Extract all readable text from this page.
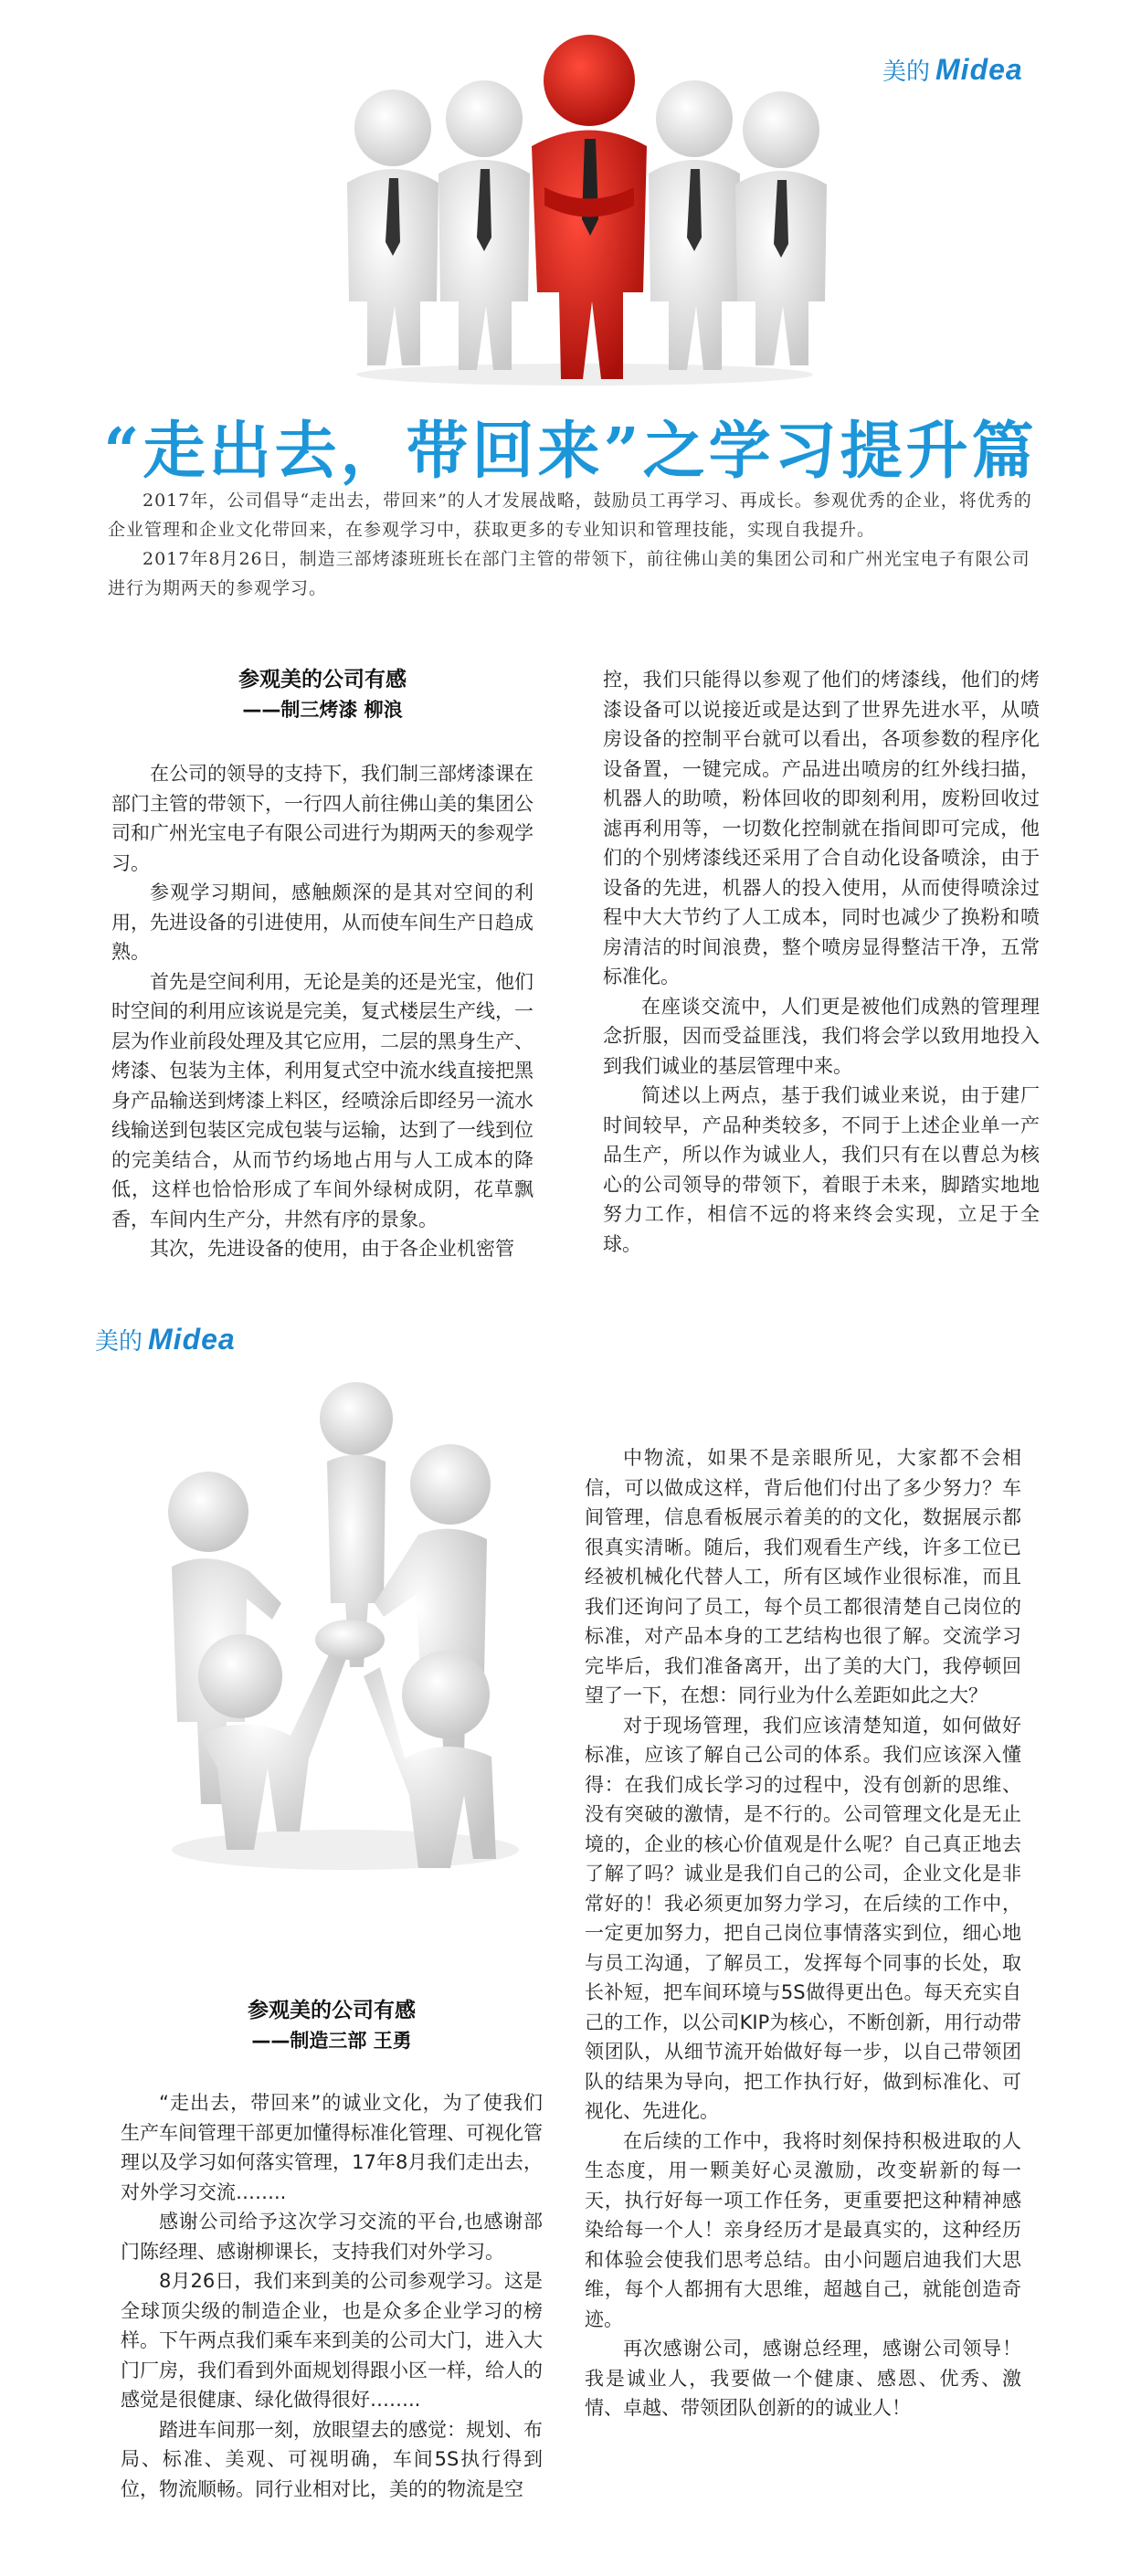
美的 Midea
“走出去，带回来”之学习提升篇

2017年，公司倡导“走出去，带回来”的人才发展战略，鼓励员工再学习、再成长。参观优秀的企业，将优秀的企业管理和企业文化带回来，在参观学习中，获取更多的专业知识和管理技能，实现自我提升。

2017年8月26日，制造三部烤漆班班长在部门主管的带领下，前往佛山美的集团公司和广州光宝电子有限公司进行为期两天的参观学习。

参观美的公司有感
——制三烤漆 柳浪

在公司的领导的支持下，我们制三部烤漆课在部门主管的带领下，一行四人前往佛山美的集团公司和广州光宝电子有限公司进行为期两天的参观学习。

参观学习期间，感触颇深的是其对空间的利用，先进设备的引进使用，从而使车间生产日趋成熟。

首先是空间利用，无论是美的还是光宝，他们时空间的利用应该说是完美，复式楼层生产线，一层为作业前段处理及其它应用，二层的黑身生产、烤漆、包装为主体，利用复式空中流水线直接把黑身产品输送到烤漆上料区，经喷涂后即经另一流水线输送到包装区完成包装与运输，达到了一线到位的完美结合，从而节约场地占用与人工成本的降低，这样也恰恰形成了车间外绿树成阴，花草飘香，车间内生产分，井然有序的景象。

其次，先进设备的使用，由于各企业机密管

控，我们只能得以参观了他们的烤漆线，他们的烤漆设备可以说接近或是达到了世界先进水平，从喷房设备的控制平台就可以看出，各项参数的程序化设备置，一键完成。产品进出喷房的红外线扫描，机器人的助喷，粉体回收的即刻利用，废粉回收过滤再利用等，一切数化控制就在指间即可完成，他们的个别烤漆线还采用了合自动化设备喷涂，由于设备的先进，机器人的投入使用，从而使得喷涂过程中大大节约了人工成本，同时也减少了换粉和喷房清洁的时间浪费，整个喷房显得整洁干净，五常标准化。

在座谈交流中，人们更是被他们成熟的管理理念折服，因而受益匪浅，我们将会学以致用地投入到我们诚业的基层管理中来。

简述以上两点，基于我们诚业来说，由于建厂时间较早，产品种类较多，不同于上述企业单一产品生产，所以作为诚业人，我们只有在以曹总为核心的公司领导的带领下，着眼于未来，脚踏实地地努力工作，相信不远的将来终会实现，立足于全球。

美的 Midea
参观美的公司有感
——制造三部 王勇

“走出去，带回来”的诚业文化，为了使我们生产车间管理干部更加懂得标准化管理、可视化管理以及学习如何落实管理，17年8月我们走出去，对外学习交流……..

感谢公司给予这次学习交流的平台,也感谢部门陈经理、感谢柳课长，支持我们对外学习。

8月26日，我们来到美的公司参观学习。这是全球顶尖级的制造企业，也是众多企业学习的榜样。下午两点我们乘车来到美的公司大门，进入大门厂房，我们看到外面规划得跟小区一样，给人的感觉是很健康、绿化做得很好……..

踏进车间那一刻，放眼望去的感觉：规划、布局、标准、美观、可视明确，车间5S执行得到位，物流顺畅。同行业相对比，美的的物流是空

中物流，如果不是亲眼所见，大家都不会相信，可以做成这样，背后他们付出了多少努力？车间管理，信息看板展示着美的的文化，数据展示都很真实清晰。随后，我们观看生产线，许多工位已经被机械化代替人工，所有区域作业很标准，而且我们还询问了员工，每个员工都很清楚自己岗位的标准，对产品本身的工艺结构也很了解。交流学习完毕后，我们准备离开，出了美的大门，我停顿回望了一下，在想：同行业为什么差距如此之大？

对于现场管理，我们应该清楚知道，如何做好标准，应该了解自己公司的体系。我们应该深入懂得：在我们成长学习的过程中，没有创新的思维、没有突破的激情，是不行的。公司管理文化是无止境的，企业的核心价值观是什么呢？自己真正地去了解了吗？诚业是我们自己的公司，企业文化是非常好的！我必须更加努力学习，在后续的工作中，一定更加努力，把自己岗位事情落实到位，细心地与员工沟通，了解员工，发挥每个同事的长处，取长补短，把车间环境与5S做得更出色。每天充实自己的工作，以公司KIP为核心，不断创新，用行动带领团队，从细节流开始做好每一步，以自己带领团队的结果为导向，把工作执行好，做到标准化、可视化、先进化。

在后续的工作中，我将时刻保持积极进取的人生态度，用一颗美好心灵激励，改变崭新的每一天，执行好每一项工作任务，更重要把这种精神感染给每一个人！亲身经历才是最真实的，这种经历和体验会使我们思考总结。由小问题启迪我们大思维，每个人都拥有大思维，超越自己，就能创造奇迹。

再次感谢公司，感谢总经理，感谢公司领导！我是诚业人，我要做一个健康、感恩、优秀、激情、卓越、带领团队创新的的诚业人！
